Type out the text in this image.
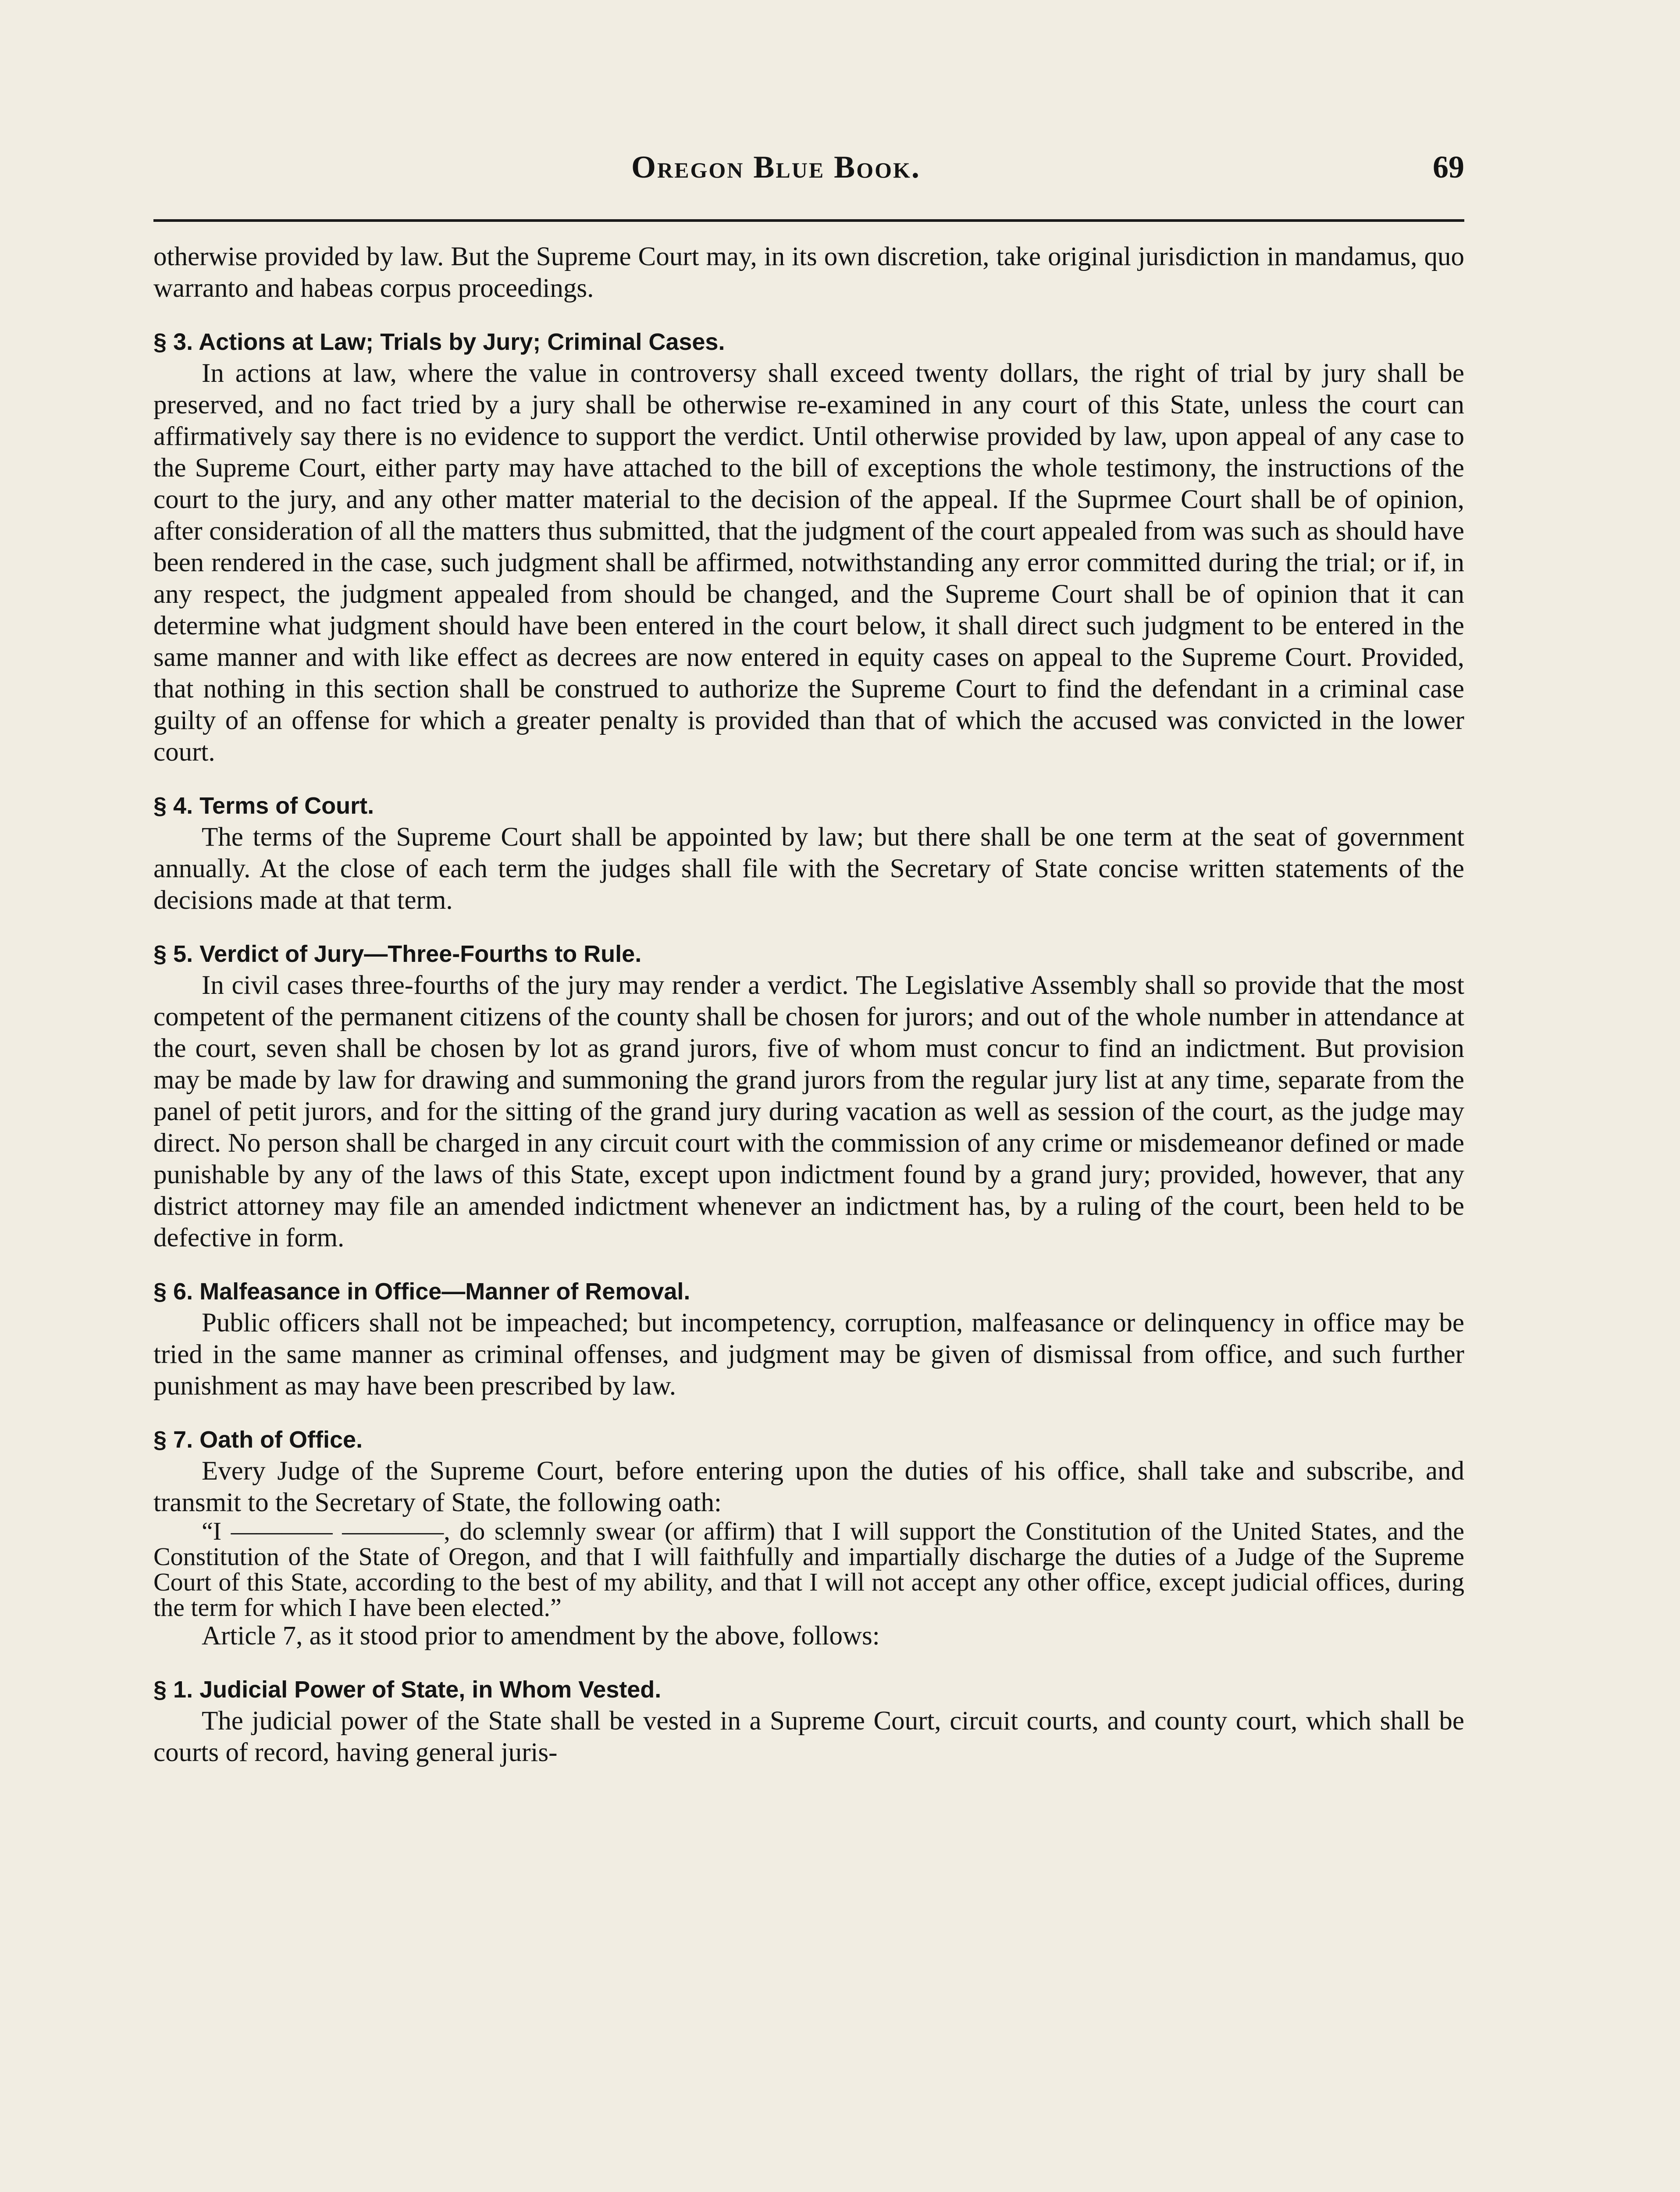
Oregon Blue Book.	69

otherwise provided by law. But the Supreme Court may, in its own discretion, take original jurisdiction in mandamus, quo warranto and habeas corpus proceedings.

§ 3. Actions at Law; Trials by Jury; Criminal Cases.

In actions at law, where the value in controversy shall exceed twenty dollars, the right of trial by jury shall be preserved, and no fact tried by a jury shall be otherwise re-examined in any court of this State, unless the court can affirmatively say there is no evidence to support the verdict. Until otherwise provided by law, upon appeal of any case to the Supreme Court, either party may have attached to the bill of exceptions the whole testimony, the instructions of the court to the jury, and any other matter material to the decision of the appeal. If the Suprmee Court shall be of opinion, after consideration of all the matters thus submitted, that the judgment of the court appealed from was such as should have been rendered in the case, such judgment shall be affirmed, notwithstanding any error committed during the trial; or if, in any respect, the judgment appealed from should be changed, and the Supreme Court shall be of opinion that it can determine what judgment should have been entered in the court below, it shall direct such judgment to be entered in the same manner and with like effect as decrees are now entered in equity cases on appeal to the Supreme Court. Provided, that nothing in this section shall be construed to authorize the Supreme Court to find the defendant in a criminal case guilty of an offense for which a greater penalty is provided than that of which the accused was convicted in the lower court.

§ 4. Terms of Court.

The terms of the Supreme Court shall be appointed by law; but there shall be one term at the seat of government annually. At the close of each term the judges shall file with the Secretary of State concise written statements of the decisions made at that term.

§ 5. Verdict of Jury—Three-Fourths to Rule.

In civil cases three-fourths of the jury may render a verdict. The Legislative Assembly shall so provide that the most competent of the permanent citizens of the county shall be chosen for jurors; and out of the whole number in attendance at the court, seven shall be chosen by lot as grand jurors, five of whom must concur to find an indictment. But provision may be made by law for drawing and summoning the grand jurors from the regular jury list at any time, separate from the panel of petit jurors, and for the sitting of the grand jury during vacation as well as session of the court, as the judge may direct. No person shall be charged in any circuit court with the commission of any crime or misdemeanor defined or made punishable by any of the laws of this State, except upon indictment found by a grand jury; provided, however, that any district attorney may file an amended indictment whenever an indictment has, by a ruling of the court, been held to be defective in form.

§ 6. Malfeasance in Office—Manner of Removal.

Public officers shall not be impeached; but incompetency, corruption, malfeasance or delinquency in office may be tried in the same manner as criminal offenses, and judgment may be given of dismissal from office, and such further punishment as may have been prescribed by law.

§ 7. Oath of Office.

Every Judge of the Supreme Court, before entering upon the duties of his office, shall take and subscribe, and transmit to the Secretary of State, the following oath:

“I ———— ————, do sclemnly swear (or affirm) that I will support the Constitution of the United States, and the Constitution of the State of Oregon, and that I will faithfully and impartially discharge the duties of a Judge of the Supreme Court of this State, according to the best of my ability, and that I will not accept any other office, except judicial offices, during the term for which I have been elected.”

Article 7, as it stood prior to amendment by the above, follows:

§ 1. Judicial Power of State, in Whom Vested.

The judicial power of the State shall be vested in a Supreme Court, circuit courts, and county court, which shall be courts of record, having general juris-
